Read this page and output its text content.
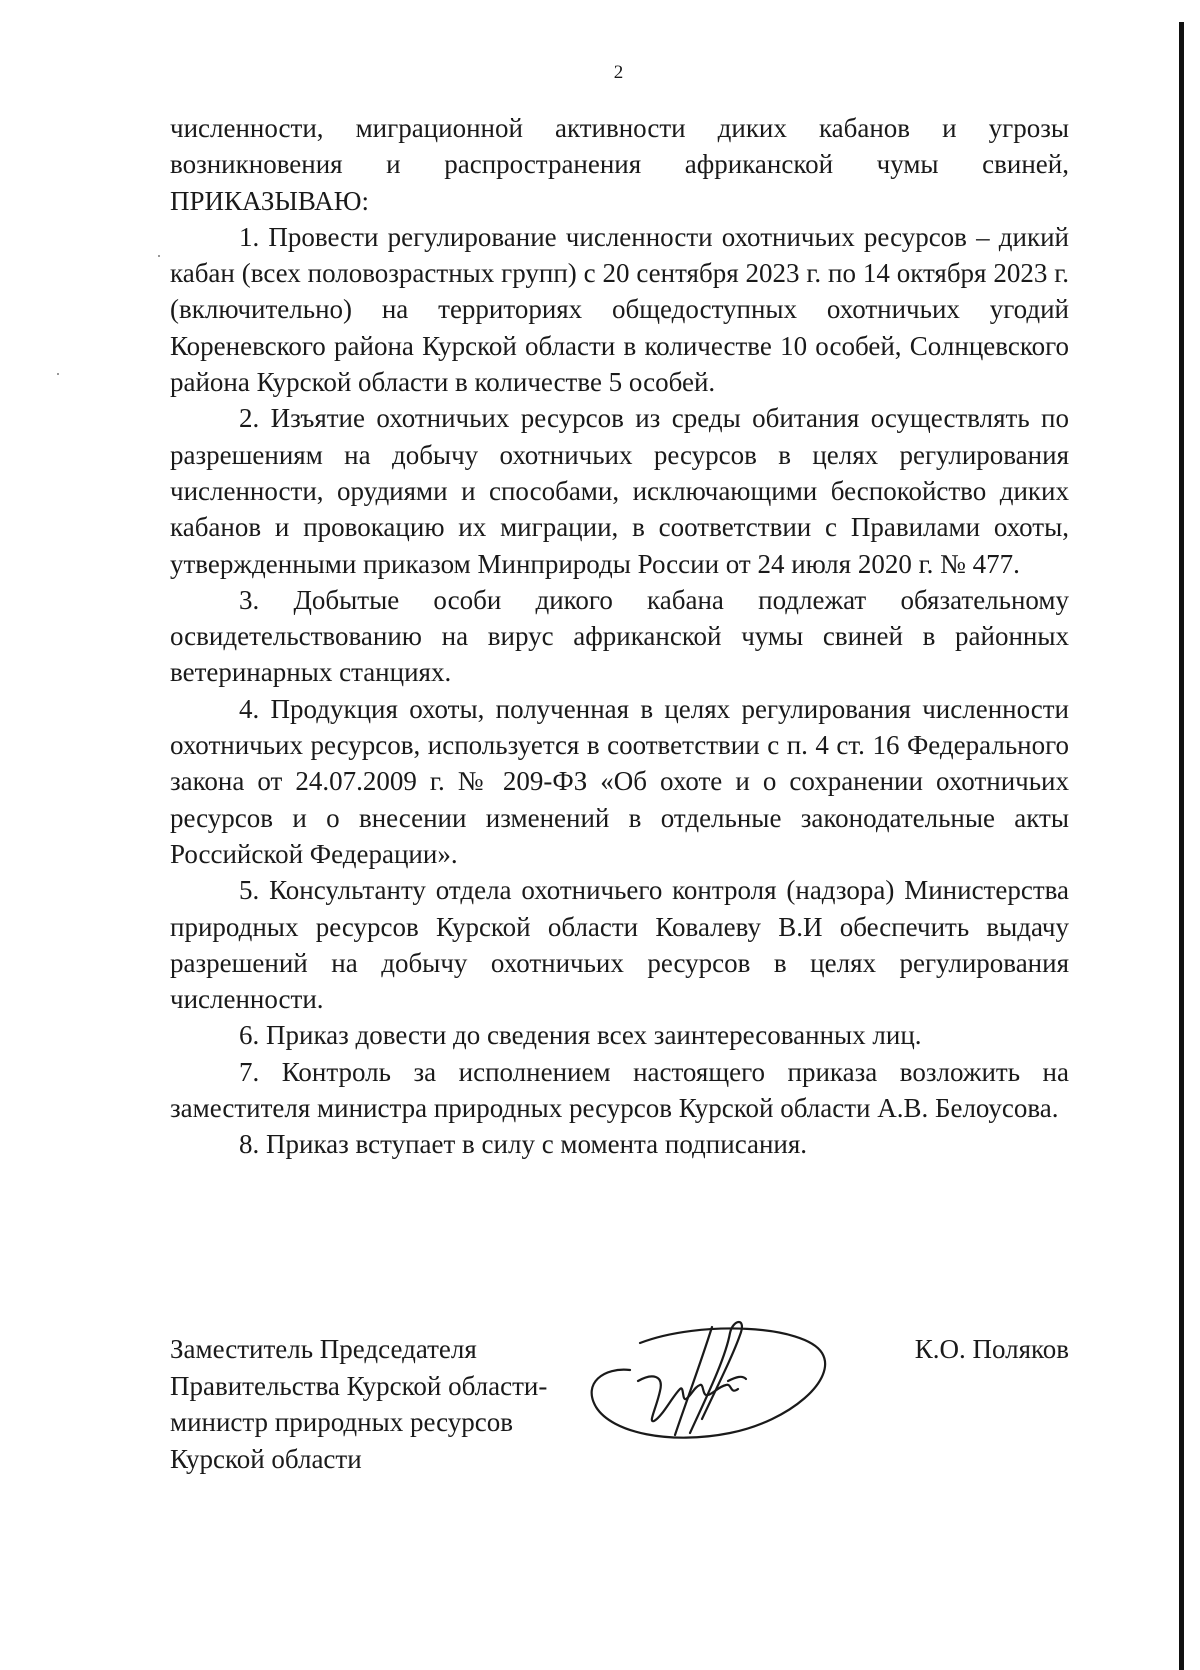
2

численности, миграционной активности диких кабанов и угрозы возникновения и распространения африканской чумы свиней, ПРИКАЗЫВАЮ:

1. Провести регулирование численности охотничьих ресурсов – дикий кабан (всех половозрастных групп) с 20 сентября 2023 г. по 14 октября 2023 г. (включительно) на территориях общедоступных охотничьих угодий Кореневского района Курской области в количестве 10 особей, Солнцевского района Курской области в количестве 5 особей.

2. Изъятие охотничьих ресурсов из среды обитания осуществлять по разрешениям на добычу охотничьих ресурсов в целях регулирования численности, орудиями и способами, исключающими беспокойство диких кабанов и провокацию их миграции, в соответствии с Правилами охоты, утвержденными приказом Минприроды России от 24 июля 2020 г. № 477.

3. Добытые особи дикого кабана подлежат обязательному освидетельствованию на вирус африканской чумы свиней в районных ветеринарных станциях.

4. Продукция охоты, полученная в целях регулирования численности охотничьих ресурсов, используется в соответствии с п. 4 ст. 16 Федерального закона от 24.07.2009 г. № 209-ФЗ «Об охоте и о сохранении охотничьих ресурсов и о внесении изменений в отдельные законодательные акты Российской Федерации».

5. Консультанту отдела охотничьего контроля (надзора) Министерства природных ресурсов Курской области Ковалеву В.И обеспечить выдачу разрешений на добычу охотничьих ресурсов в целях регулирования численности.

6. Приказ довести до сведения всех заинтересованных лиц.

7. Контроль за исполнением настоящего приказа возложить на заместителя министра природных ресурсов Курской области А.В. Белоусова.

8. Приказ вступает в силу с момента подписания.

Заместитель Председателя
Правительства Курской области-
министр природных ресурсов
Курской области
К.О. Поляков
